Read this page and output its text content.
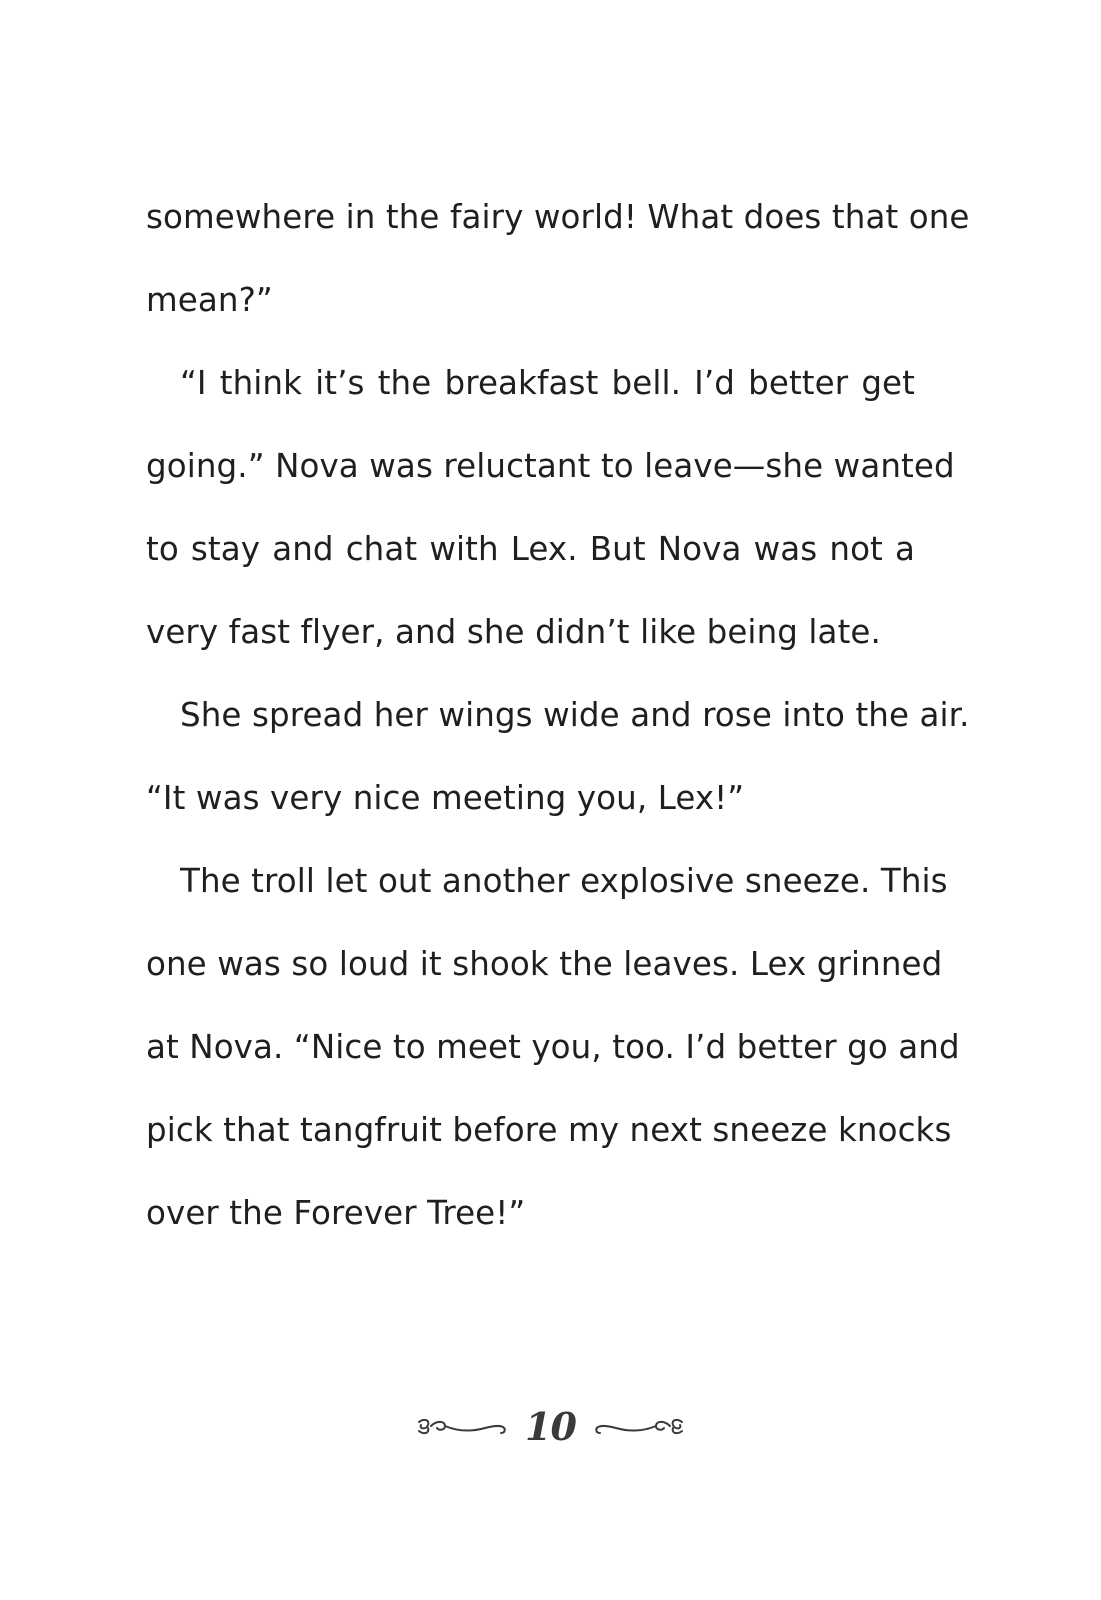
somewhere in the fairy world! What does that one
mean?”
“I think it’s the breakfast bell. I’d better get
going.” Nova was reluctant to leave—she wanted
to stay and chat with Lex. But Nova was not a
very fast flyer, and she didn’t like being late.
She spread her wings wide and rose into the air.
“It was very nice meeting you, Lex!”
The troll let out another explosive sneeze. This
one was so loud it shook the leaves. Lex grinned
at Nova. “Nice to meet you, too. I’d better go and
pick that tangfruit before my next sneeze knocks
over the Forever Tree!”
10
